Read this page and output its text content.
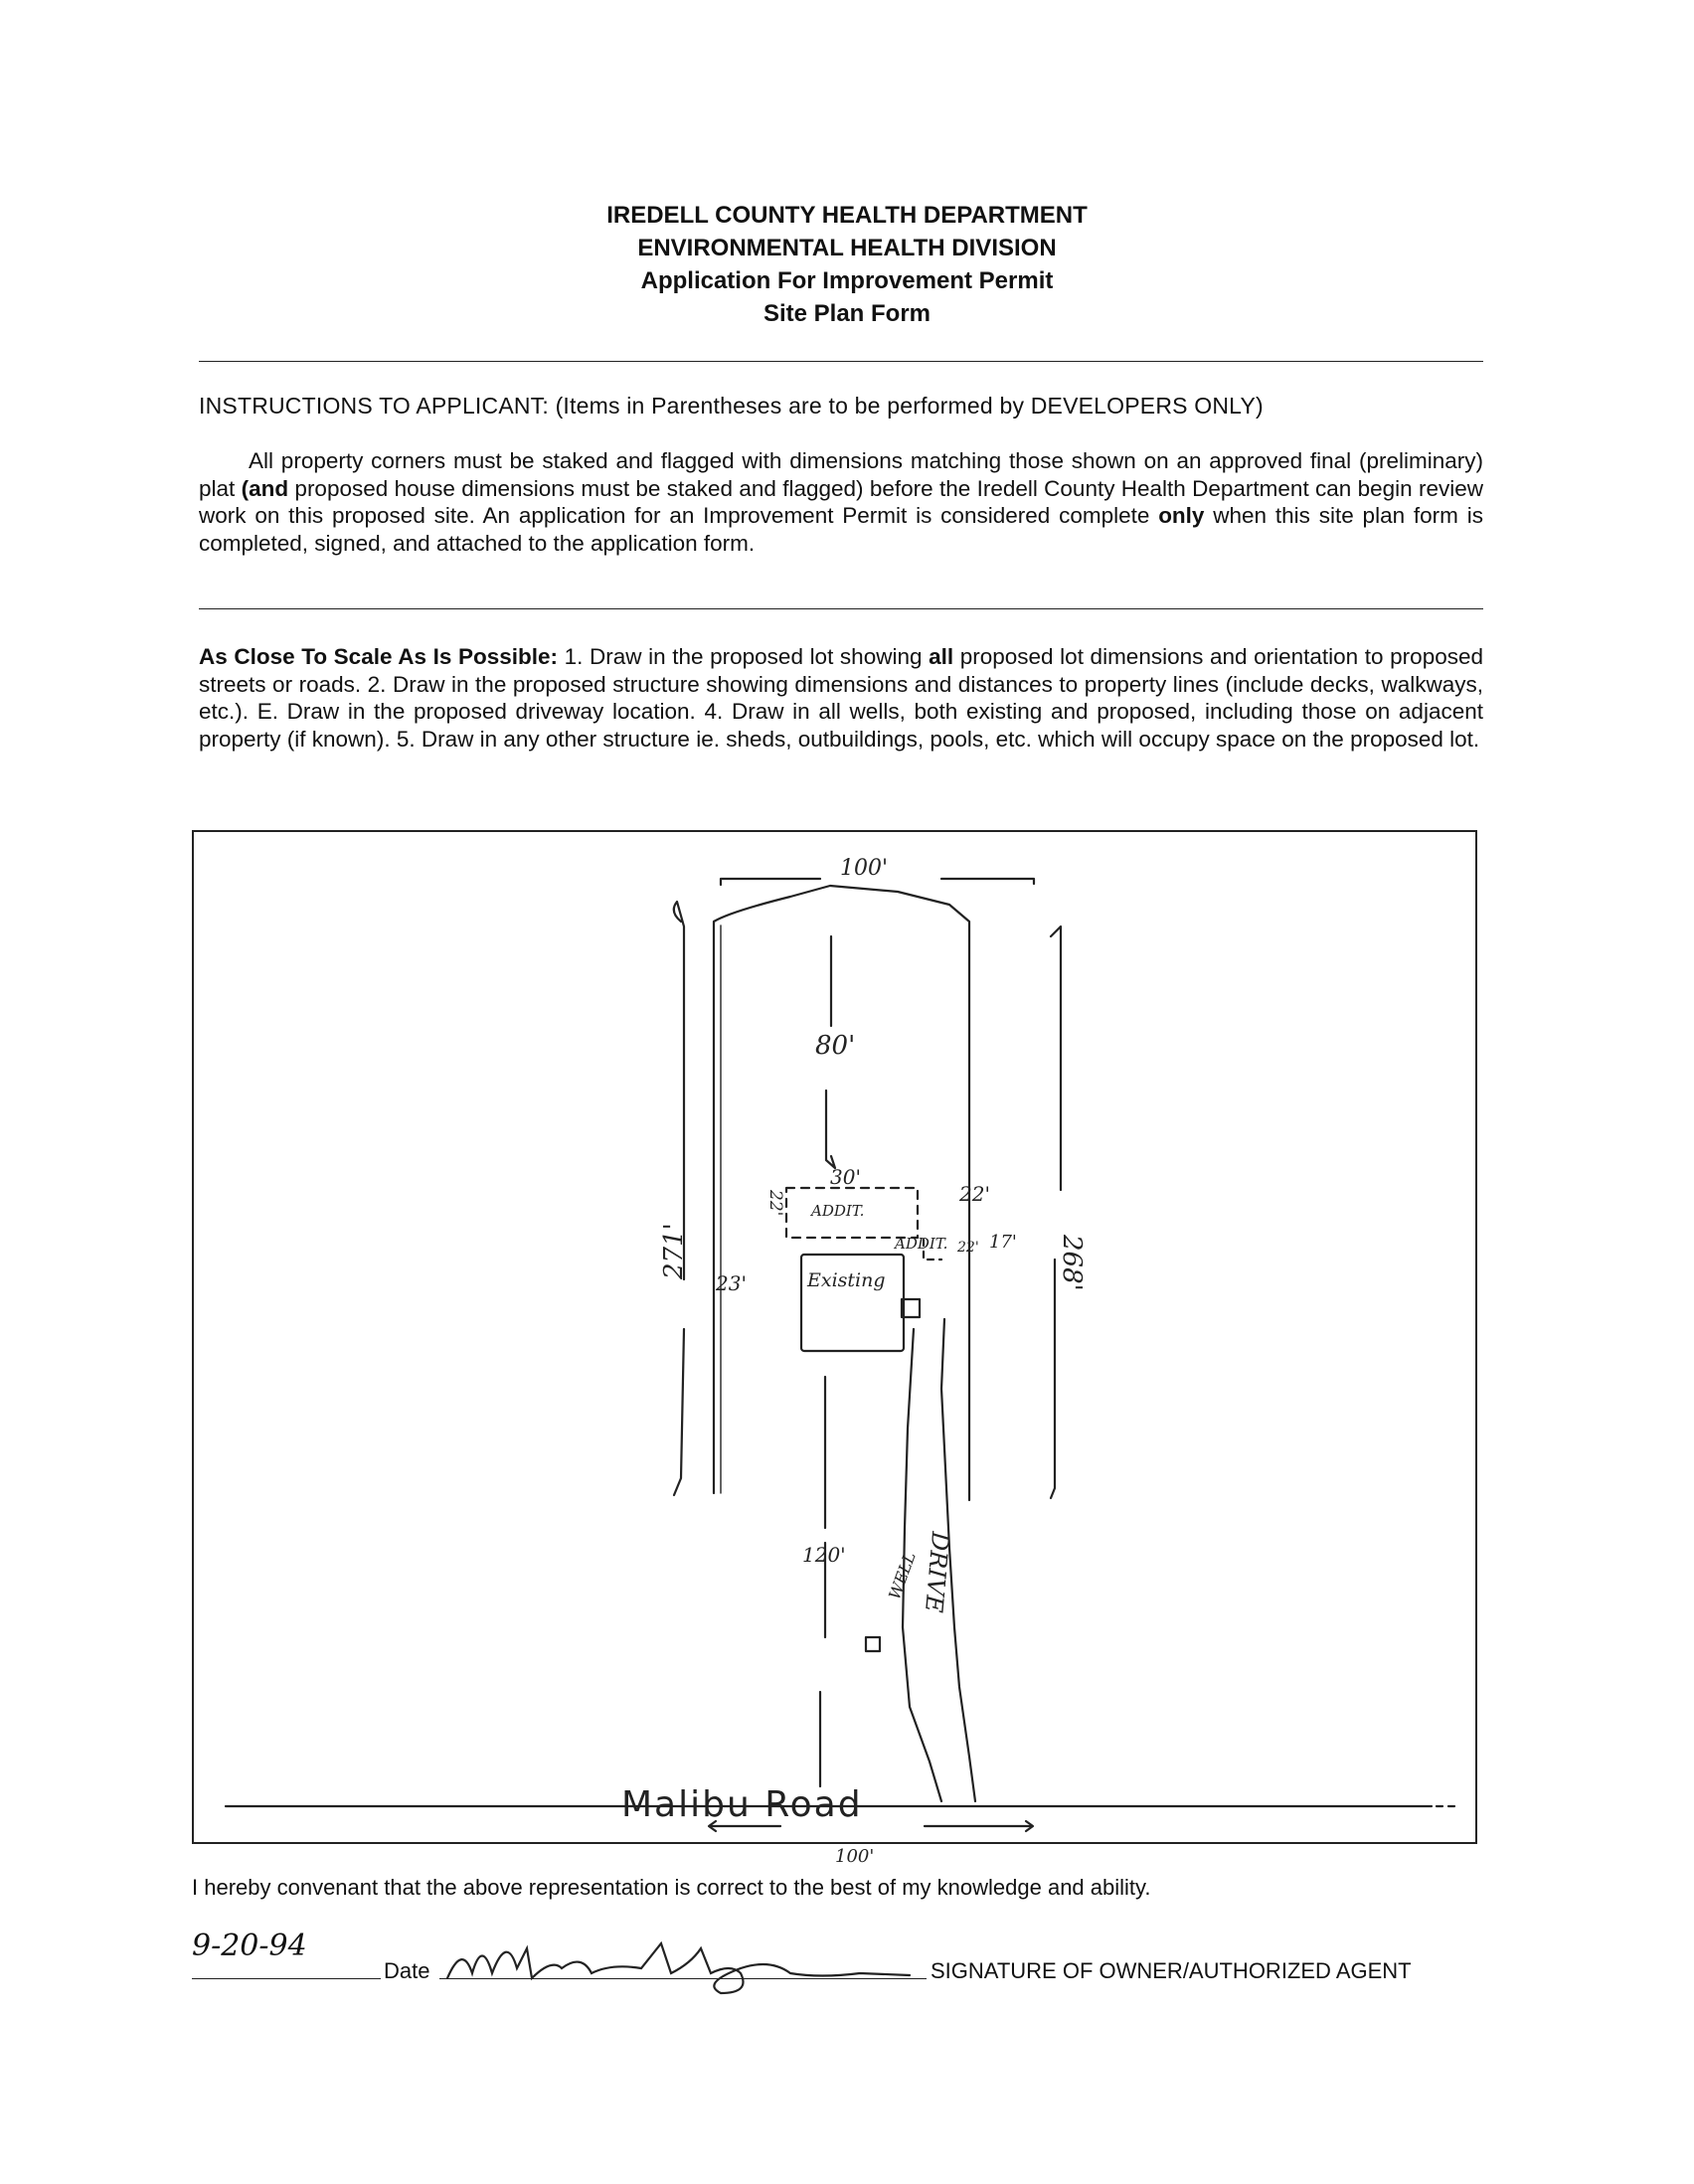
IREDELL COUNTY HEALTH DEPARTMENT
ENVIRONMENTAL HEALTH DIVISION
Application For Improvement Permit
Site Plan Form
INSTRUCTIONS TO APPLICANT: (Items in Parentheses are to be performed by DEVELOPERS ONLY)
All property corners must be staked and flagged with dimensions matching those shown on an approved final (preliminary) plat (and proposed house dimensions must be staked and flagged) before the Iredell County Health Department can begin review work on this proposed site. An application for an Improvement Permit is considered complete only when this site plan form is completed, signed, and attached to the application form.
As Close To Scale As Is Possible: 1. Draw in the proposed lot showing all proposed lot dimensions and orientation to proposed streets or roads. 2. Draw in the proposed structure showing dimensions and distances to property lines (include decks, walkways, etc.). E. Draw in the proposed driveway location. 4. Draw in all wells, both existing and proposed, including those on adjacent property (if known). 5. Draw in any other structure ie. sheds, outbuildings, pools, etc. which will occupy space on the proposed lot.
100'
100'
271'	268'
80'
120'
30'
22' ADDIT.
ADDIT.
22'
22' 17'
Existing
23'
DRIVE
WELL
Malibu Road
I hereby convenant that the above representation is correct to the best of my knowledge and ability.
9-20-94
Date	SIGNATURE OF OWNER/AUTHORIZED AGENT
